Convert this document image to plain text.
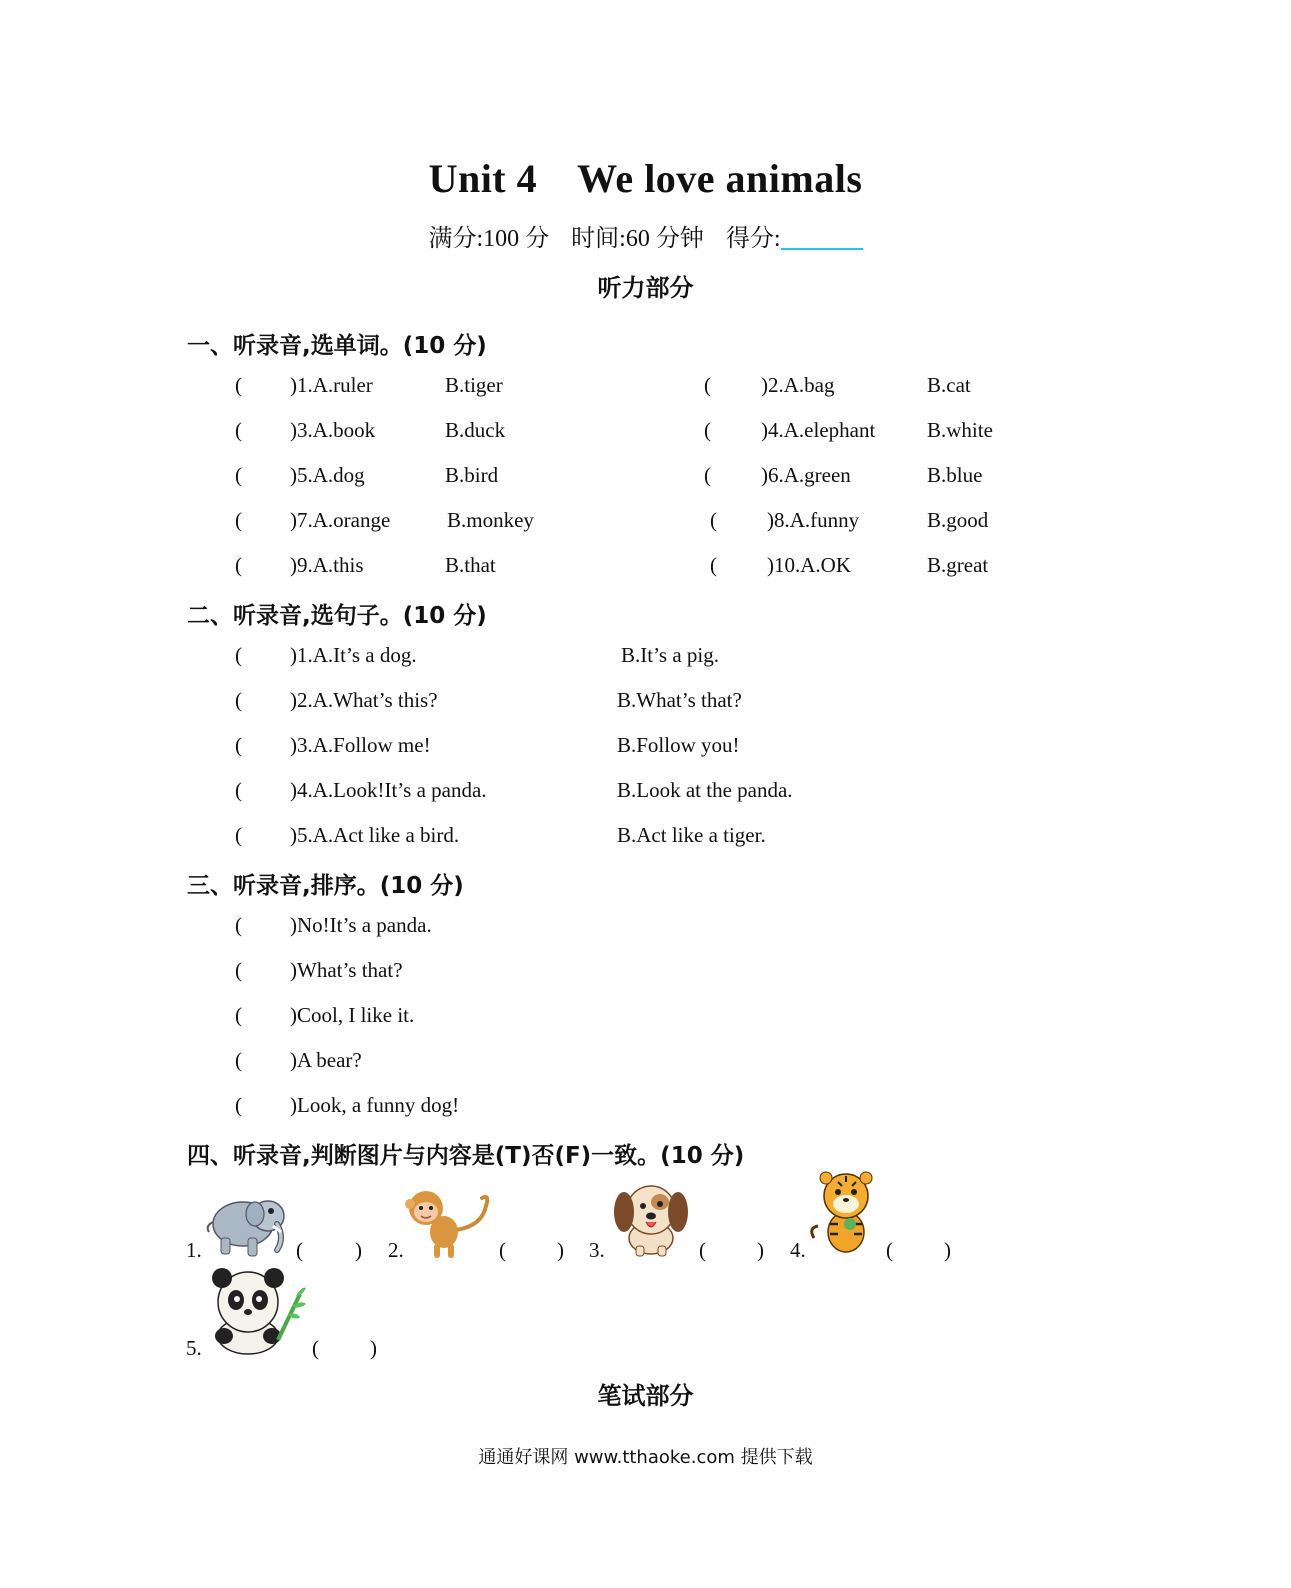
Unit 4 We love animals
满分:100 分 时间:60 分钟 得分:
听力部分
一、听录音,选单词。(10 分)
( )1.A.ruler	B.tiger	( )2.A.bag	B.cat
( )3.A.book	B.duck	( )4.A.elephant B.white
( )5.A.dog	B.bird	( )6.A.green	B.blue
( )7.A.orange	B.monkey	( )8.A.funny	B.good
( )9.A.this	B.that	( )10.A.OK	B.great
二、听录音,选句子。(10 分)
( )1.A.It’s a dog.	B.It’s a pig.
( )2.A.What’s this?	B.What’s that?
( )3.A.Follow me!	B.Follow you!
( )4.A.Look!It’s a panda.	B.Look at the panda.
( )5.A.Act like a bird.	B.Act like a tiger.
三、听录音,排序。(10 分)
( )No!It’s a panda.
( )What’s that?
( )Cool, I like it.
( )A bear?
( )Look, a funny dog!
四、听录音,判断图片与内容是(T)否(F)一致。(10 分)
1.	( ) 2.	( ) 3.	( ) 4.	( )
5.	( )
笔试部分
通通好课网 www.tthaoke.com 提供下载
